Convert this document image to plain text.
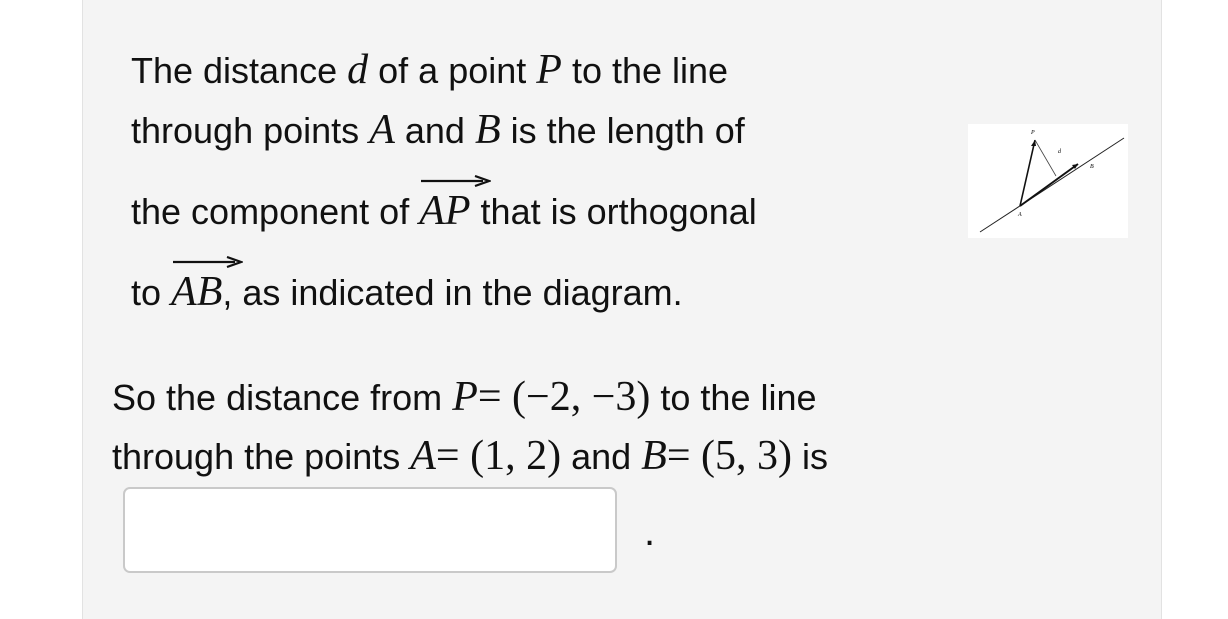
The distance d of a point P to the line
through points A and B is the length of
the component of AP that is orthogonal
to AB, as indicated in the diagram.
P
d
A
B
So the distance from P= (−2, −3) to the line
through the points A= (1, 2) and B= (5, 3) is
.
